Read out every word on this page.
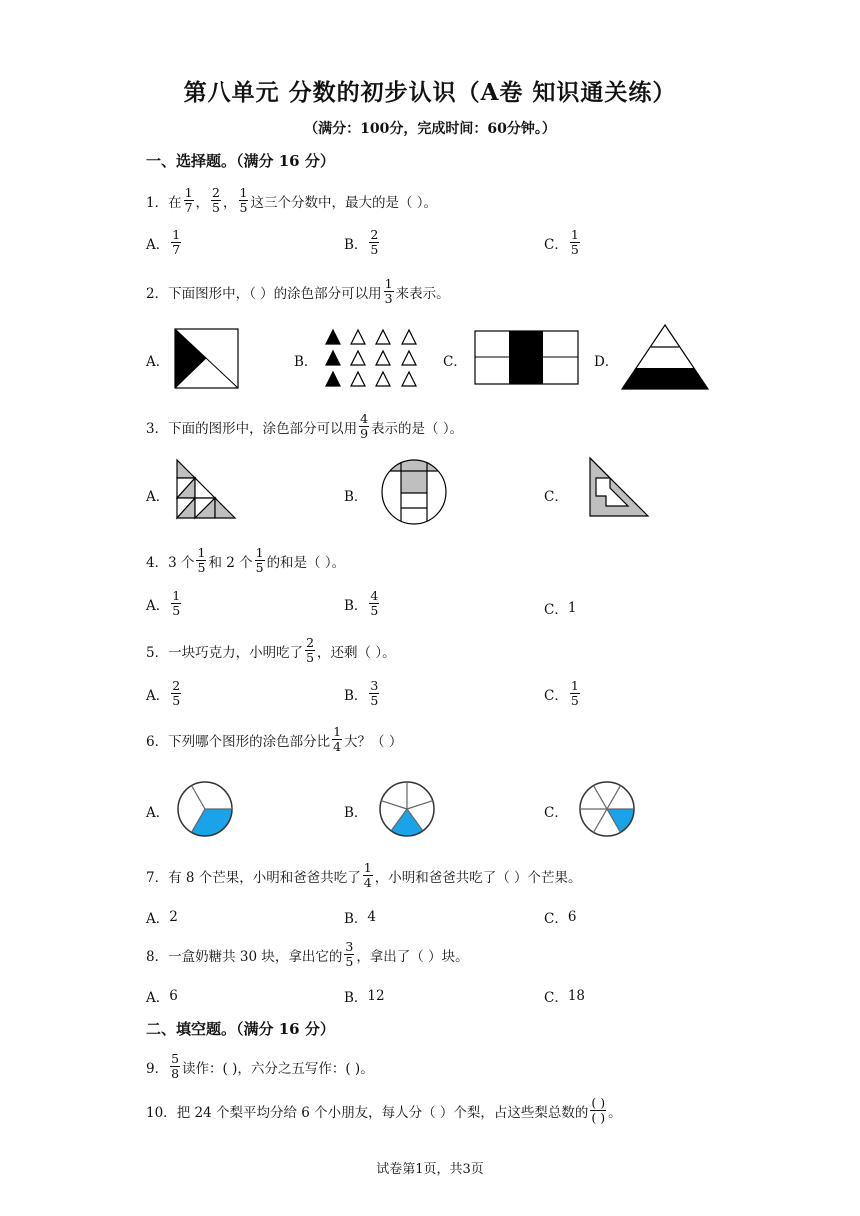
第八单元 分数的初步认识（A卷 知识通关练）
（满分：100分，完成时间：60分钟。）
一、选择题。（满分 16 分）
1． 在 $\frac{1}{7}$ ， $\frac{2}{5}$ ， $\frac{1}{5}$ 这三个分数中，最大的是（ ）。
A． $\frac{1}{7}$	B． $\frac{2}{5}$	C． $\frac{1}{5}$
2． 下面图形中，（ ）的涂色部分可以用 $\frac{1}{3}$ 来表示。
A．	B．	C．	D．
3． 下面的图形中，涂色部分可以用 $\frac{4}{9}$ 表示的是（ ）。
A．	B．	C．
4． 3 个 $\frac{1}{5}$ 和 2 个 $\frac{1}{5}$ 的和是（ ）。
A． $\frac{1}{5}$	B． $\frac{4}{5}$	C． 1
5． 一块巧克力，小明吃了 $\frac{2}{5}$ ，还剩（ ）。
A． $\frac{2}{5}$	B． $\frac{3}{5}$	C． $\frac{1}{5}$
6． 下列哪个图形的涂色部分比 $\frac{1}{4}$ 大？（ ）
A．	B．	C．
7． 有 8 个芒果，小明和爸爸共吃了 $\frac{1}{4}$ ，小明和爸爸共吃了（ ）个芒果。
A． 2	B． 4	C． 6
8． 一盒奶糖共 30 块，拿出它的 $\frac{3}{5}$ ，拿出了（ ）块。
A． 6	B． 12	C． 18
二、填空题。（满分 16 分）
9． $\frac{5}{8}$ 读作：( )，六分之五写作：( )。
10． 把 24 个梨平均分给 6 个小朋友，每人分（ ）个梨，占这些梨总数的 $\frac{( )}{( )}$ 。
试卷第1页，共3页
